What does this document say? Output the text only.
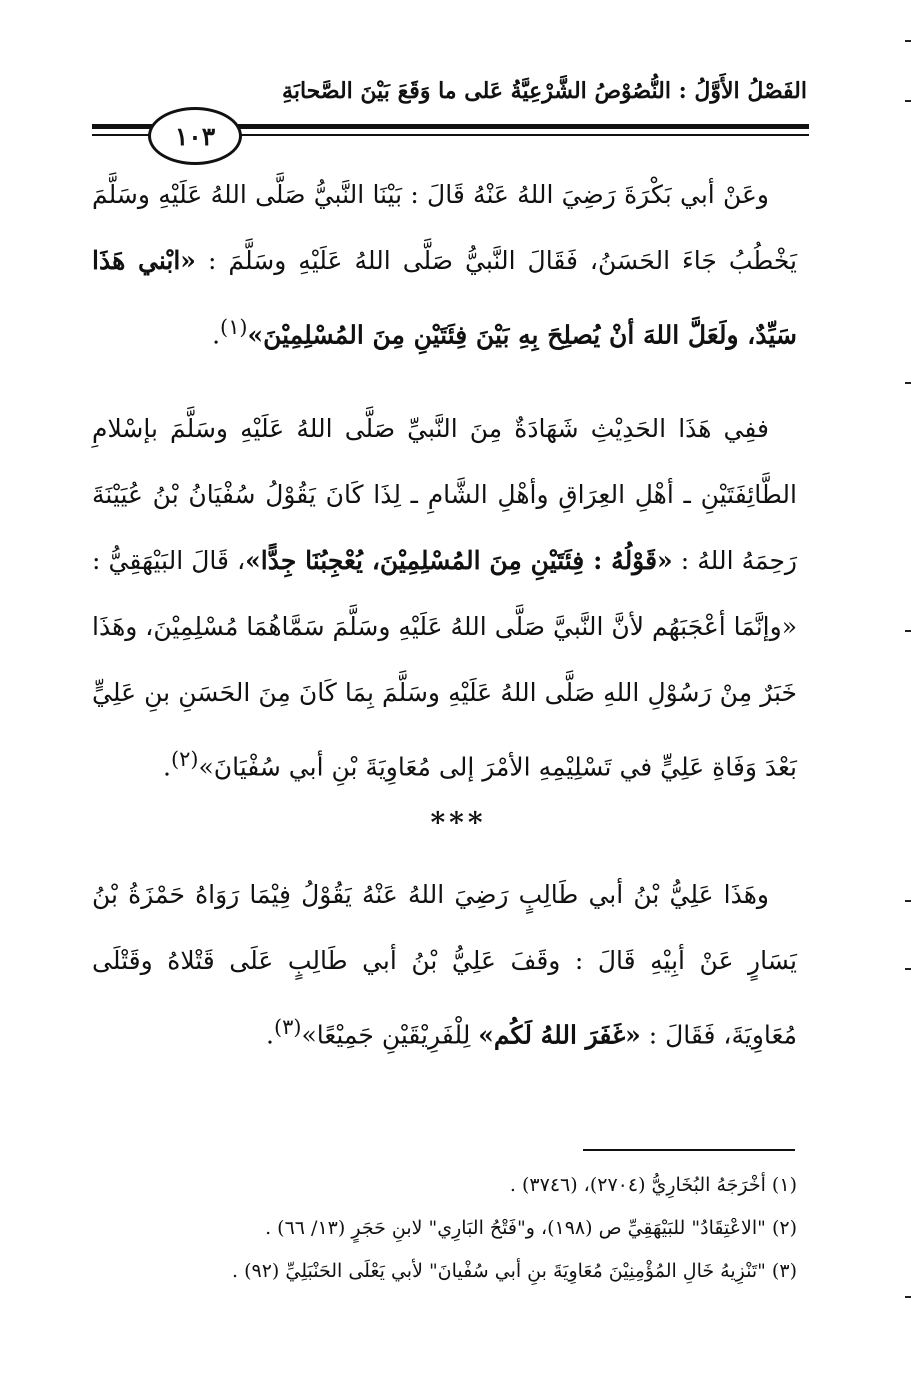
الفَصْلُ الأَوَّلُ : النُّصُوْصُ الشَّرْعِيَّةُ عَلى ما وَقَعَ بَيْنَ الصَّحابَةِ
١٠٣

وعَنْ أبي بَكْرَةَ رَضِيَ اللهُ عَنْهُ قَالَ : بَيْنَا النَّبيُّ صَلَّى اللهُ عَلَيْهِ وسَلَّمَ يَخْطُبُ جَاءَ الحَسَنُ، فَقَالَ النَّبيُّ صَلَّى اللهُ عَلَيْهِ وسَلَّمَ : «ابْني هَذَا سَيِّدٌ، ولَعَلَّ اللهَ أنْ يُصلِحَ بِهِ بَيْنَ فِئَتَيْنِ مِنَ المُسْلِمِيْنَ»$^{(١)}$.

ففِي هَذَا الحَدِيْثِ شَهَادَةٌ مِنَ النَّبيِّ صَلَّى اللهُ عَلَيْهِ وسَلَّمَ بإسْلامِ الطَّائِفَتَيْنِ ـ أهْلِ العِرَاقِ وأهْلِ الشَّامِ ـ لِذَا كَانَ يَقُوْلُ سُفْيَانُ بْنُ عُيَيْنَةَ رَحِمَهُ اللهُ : «قَوْلُهُ : فِئَتَيْنِ مِنَ المُسْلِمِيْنَ، يُعْجِبُنَا جِدًّا»، قَالَ البَيْهَقِيُّ : «وإنَّمَا أعْجَبَهُم لأنَّ النَّبيَّ صَلَّى اللهُ عَلَيْهِ وسَلَّمَ سَمَّاهُمَا مُسْلِمِيْنَ، وهَذَا خَبَرٌ مِنْ رَسُوْلِ اللهِ صَلَّى اللهُ عَلَيْهِ وسَلَّمَ بِمَا كَانَ مِنَ الحَسَنِ بنِ عَلِيٍّ بَعْدَ وَفَاةِ عَلِيٍّ في تَسْلِيْمِهِ الأمْرَ إلى مُعَاوِيَةَ بْنِ أبي سُفْيَانَ»$^{(٢)}$.

***

وهَذَا عَلِيُّ بْنُ أبي طَالِبٍ رَضِيَ اللهُ عَنْهُ يَقُوْلُ فِيْمَا رَوَاهُ حَمْزَةُ بْنُ يَسَارٍ عَنْ أبِيْهِ قَالَ : وقَفَ عَلِيُّ بْنُ أبي طَالِبٍ عَلَى قَتْلاهُ وقَتْلَى مُعَاوِيَةَ، فَقَالَ : «غَفَرَ اللهُ لَكُم» لِلْفَرِيْقَيْنِ جَمِيْعًا»$^{(٣)}$.

(١) أخْرَجَهُ البُخَارِيُّ (٢٧٠٤)، (٣٧٤٦) .
(٢) "الاعْتِقَادُ" للبَيْهَقِيِّ ص (١٩٨)، و"فَتْحُ البَارِي" لابنِ حَجَرٍ (١٣/ ٦٦) .
(٣) "تَنْزِيهُ خَالِ المُؤْمِنِيْنَ مُعَاوِيَةَ بنِ أبي سُفْيانَ" لأبي يَعْلَى الحَنْبَلِيِّ (٩٢) .
